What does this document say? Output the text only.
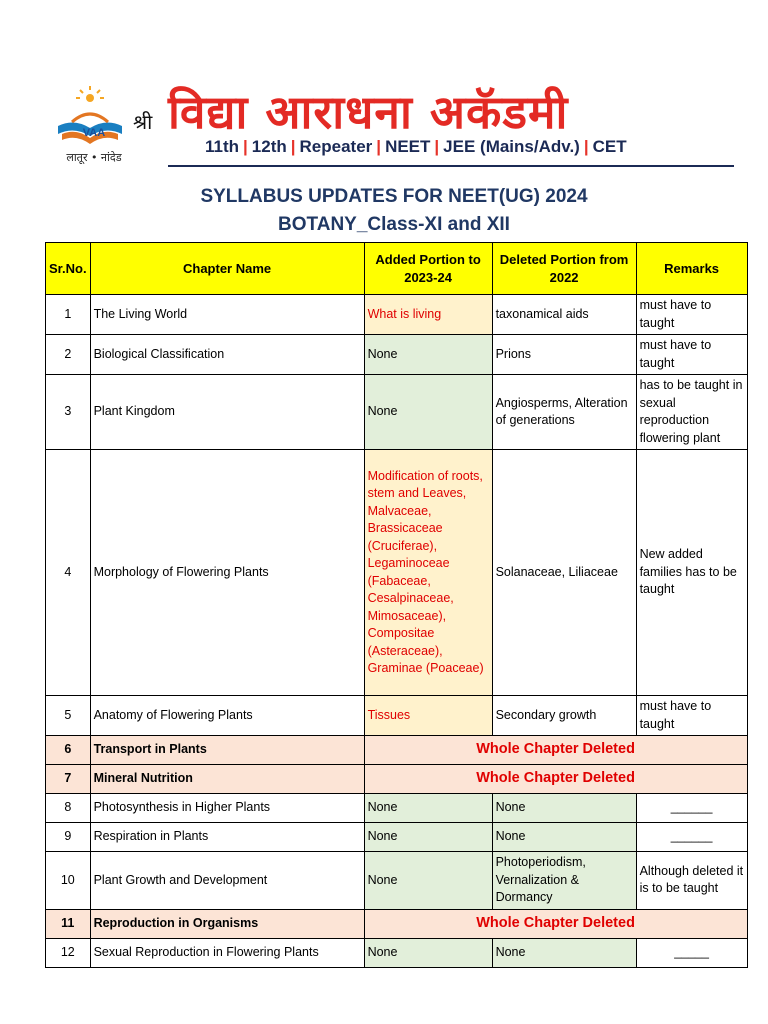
VAA
लातूर • नांदेड
श्री विद्या आराधना अकॅडमी
11th | 12th | Repeater | NEET | JEE (Mains/Adv.) | CET
SYLLABUS UPDATES FOR NEET(UG) 2024
BOTANY_Class-XI and XII
Sr.No.	Chapter Name	Added Portion to 2023-24	Deleted Portion from 2022	Remarks
1	The Living World	What is living	taxonamical aids	must have to taught
2	Biological Classification	None	Prions	must have to taught
3	Plant Kingdom	None	Angiosperms, Alteration of generations	has to be taught in sexual reproduction flowering plant
4	Morphology of Flowering Plants	Modification of roots, stem and Leaves, Malvaceae, Brassicaceae (Cruciferae), Legaminoceae (Fabaceae, Cesalpinaceae, Mimosaceae), Compositae (Asteraceae), Graminae (Poaceae)	Solanaceae, Liliaceae	New added families has to be taught
5	Anatomy of Flowering Plants	Tissues	Secondary growth	must have to taught
6	Transport in Plants	Whole Chapter Deleted		
7	Mineral Nutrition	Whole Chapter Deleted		
8	Photosynthesis in Higher Plants	None	None	______
9	Respiration in Plants	None	None	______
10	Plant Growth and Development	None	Photoperiodism, Vernalization & Dormancy	Although deleted it is to be taught
11	Reproduction in Organisms	Whole Chapter Deleted		
12	Sexual Reproduction in Flowering Plants	None	None	_____
